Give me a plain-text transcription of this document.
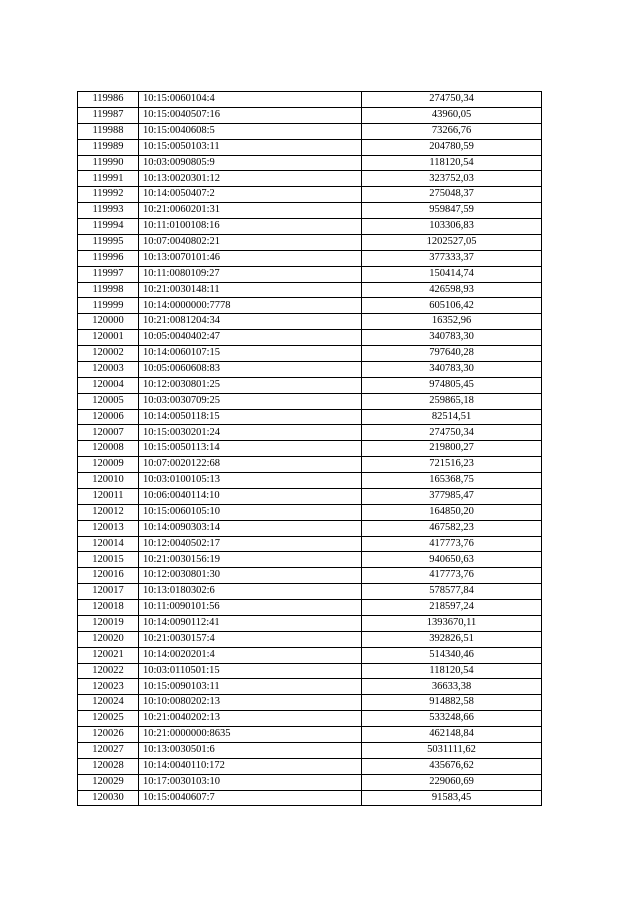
119986	10:15:0060104:4	274750,34
119987	10:15:0040507:16	43960,05
119988	10:15:0040608:5	73266,76
119989	10:15:0050103:11	204780,59
119990	10:03:0090805:9	118120,54
119991	10:13:0020301:12	323752,03
119992	10:14:0050407:2	275048,37
119993	10:21:0060201:31	959847,59
119994	10:11:0100108:16	103306,83
119995	10:07:0040802:21	1202527,05
119996	10:13:0070101:46	377333,37
119997	10:11:0080109:27	150414,74
119998	10:21:0030148:11	426598,93
119999	10:14:0000000:7778	605106,42
120000	10:21:0081204:34	16352,96
120001	10:05:0040402:47	340783,30
120002	10:14:0060107:15	797640,28
120003	10:05:0060608:83	340783,30
120004	10:12:0030801:25	974805,45
120005	10:03:0030709:25	259865,18
120006	10:14:0050118:15	82514,51
120007	10:15:0030201:24	274750,34
120008	10:15:0050113:14	219800,27
120009	10:07:0020122:68	721516,23
120010	10:03:0100105:13	165368,75
120011	10:06:0040114:10	377985,47
120012	10:15:0060105:10	164850,20
120013	10:14:0090303:14	467582,23
120014	10:12:0040502:17	417773,76
120015	10:21:0030156:19	940650,63
120016	10:12:0030801:30	417773,76
120017	10:13:0180302:6	578577,84
120018	10:11:0090101:56	218597,24
120019	10:14:0090112:41	1393670,11
120020	10:21:0030157:4	392826,51
120021	10:14:0020201:4	514340,46
120022	10:03:0110501:15	118120,54
120023	10:15:0090103:11	36633,38
120024	10:10:0080202:13	914882,58
120025	10:21:0040202:13	533248,66
120026	10:21:0000000:8635	462148,84
120027	10:13:0030501:6	5031111,62
120028	10:14:0040110:172	435676,62
120029	10:17:0030103:10	229060,69
120030	10:15:0040607:7	91583,45
